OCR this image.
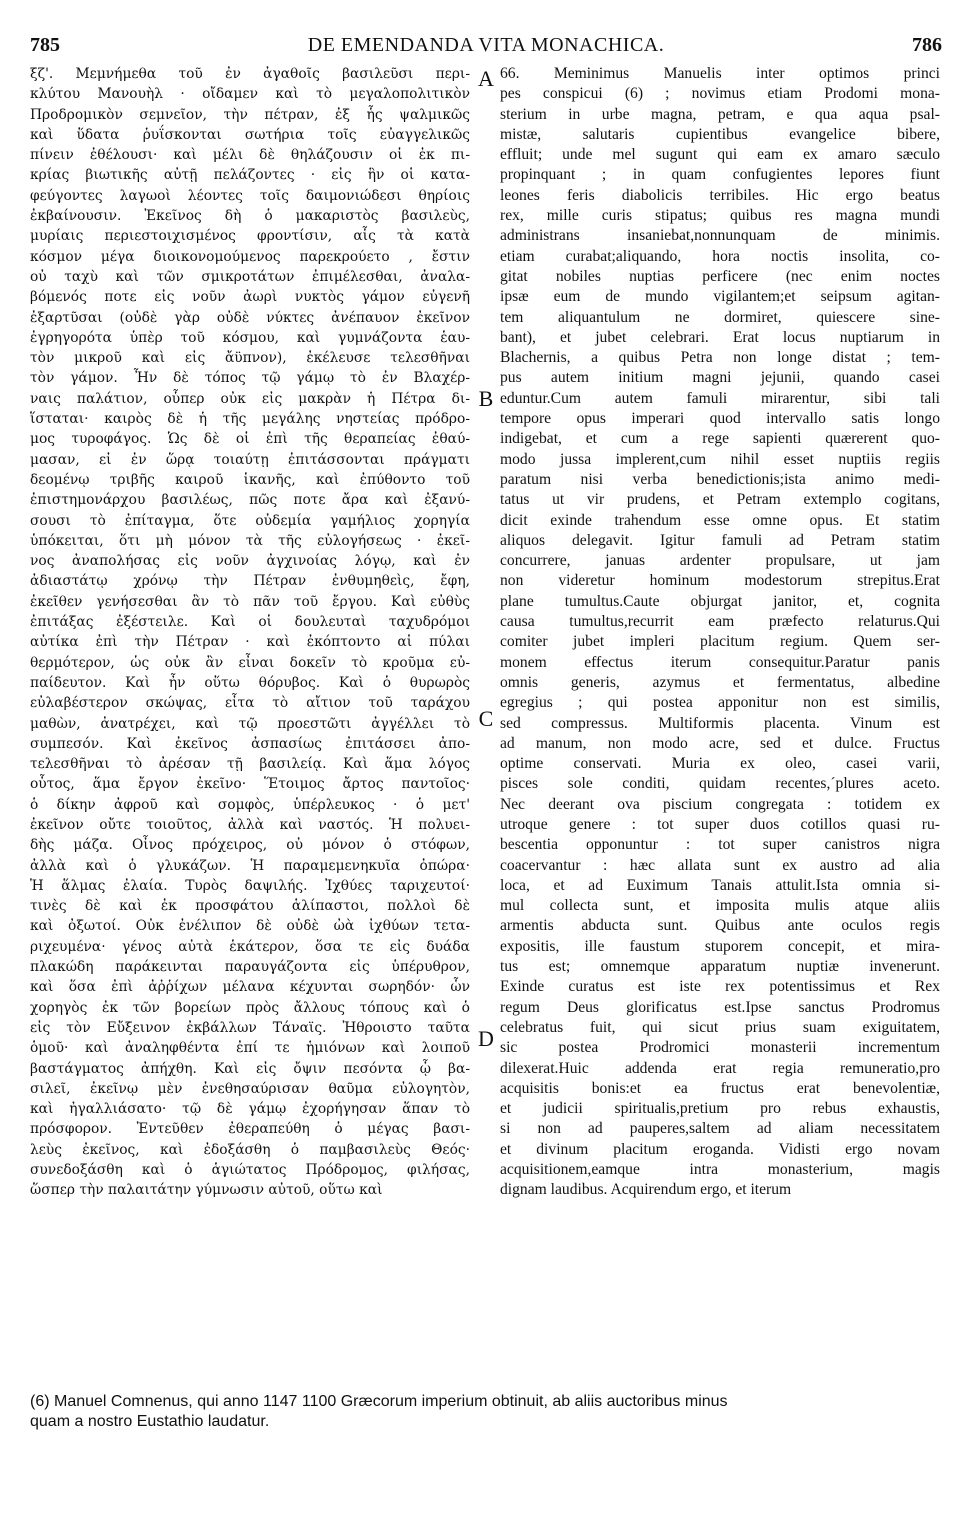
785	DE EMENDANDA VITA MONACHICA.	786
ξζ'. Μεμνήμεθα τοῦ ἐν ἀγαθοῖς βασιλεῦσι περι-
κλύτου Μανουὴλ · οἴδαμεν καὶ τὸ μεγαλοπολιτικὸν
Προδρομικὸν σεμνεῖον, τὴν πέτραν, ἐξ ἧς ψαλμικῶς
καὶ ὕδατα ῥυΐσκονται σωτήρια τοῖς εὐαγγελικῶς
πίνειν ἐθέλουσι· καὶ μέλι δὲ θηλάζουσιν οἱ ἐκ πι-
κρίας βιωτικῆς αὐτῇ πελάζοντες · εἰς ἣν οἱ κατα-
φεύγοντες λαγωοὶ λέοντες τοῖς δαιμονιώδεσι θηρίοις
ἐκβαίνουσιν. Ἐκεῖνος δὴ ὁ μακαριστὸς βασιλεὺς,
μυρίαις περιεστοιχισμένος φροντίσιν, αἷς τὰ κατὰ
κόσμον μέγα διοικονομούμενος παρεκρούετο , ἔστιν
οὐ ταχὺ καὶ τῶν σμικροτάτων ἐπιμέλεσθαι, ἀναλα-
βόμενός ποτε εἰς νοῦν ἀωρὶ νυκτὸς γάμον εὐγενῆ
ἐξαρτῦσαι (οὐδὲ γὰρ οὐδὲ νύκτες ἀνέπαυον ἐκεῖνον
ἐγρηγορότα ὑπὲρ τοῦ κόσμου, καὶ γυμνάζοντα ἑαυ-
τὸν μικροῦ καὶ εἰς ἄϋπνον), ἐκέλευσε τελεσθῆναι
τὸν γάμον. Ἦν δὲ τόπος τῷ γάμῳ τὸ ἐν Βλαχέρ-
ναις παλάτιον, οὗπερ οὐκ εἰς μακρὰν ἡ Πέτρα δι-
ἵσταται· καιρὸς δὲ ἡ τῆς μεγάλης νηστείας πρόδρο-
μος τυροφάγος. Ὡς δὲ οἱ ἐπὶ τῆς θεραπείας ἐθαύ-
μασαν, εἰ ἐν ὥρᾳ τοιαύτῃ ἐπιτάσσονται πράγματι
δεομένῳ τριβῆς καιροῦ ἱκανῆς, καὶ ἐπύθοντο τοῦ
ἐπιστημονάρχου βασιλέως, πῶς ποτε ἄρα καὶ ἐξανύ-
σουσι τὸ ἐπίταγμα, ὅτε οὐδεμία γαμήλιος χορηγία
ὑπόκειται, ὅτι μὴ μόνον τὰ τῆς εὐλογήσεως · ἐκεῖ-
νος ἀναπολήσας εἰς νοῦν ἀγχινοίας λόγῳ, καὶ ἐν
ἀδιαστάτῳ χρόνῳ τὴν Πέτραν ἐνθυμηθεὶς, ἔφη,
ἐκεῖθεν γενήσεσθαι ἂν τὸ πᾶν τοῦ ἔργου. Καὶ εὐθὺς
ἐπιτάξας ἐξέστειλε. Καὶ οἱ δουλευταὶ ταχυδρόμοι
αὐτίκα ἐπὶ τὴν Πέτραν · καὶ ἐκόπτοντο αἱ πύλαι
θερμότερον, ὡς οὐκ ἂν εἶναι δοκεῖν τὸ κροῦμα εὐ-
παίδευτον. Καὶ ἦν οὕτω θόρυβος. Καὶ ὁ θυρωρὸς
εὐλαβέστερον σκώψας, εἶτα τὸ αἴτιον τοῦ ταράχου
μαθὼν, ἀνατρέχει, καὶ τῷ προεστῶτι ἀγγέλλει τὸ
συμπεσόν. Καὶ ἐκεῖνος ἀσπασίως ἐπιτάσσει ἀπο-
τελεσθῆναι τὸ ἀρέσαν τῇ βασιλείᾳ. Καὶ ἅμα λόγος
οὗτος, ἅμα ἔργον ἐκεῖνο· Ἕτοιμος ἄρτος παντοῖος·
ὁ δίκην ἀφροῦ καὶ σομφὸς, ὑπέρλευκος · ὁ μετ'
ἐκεῖνον οὔτε τοιοῦτος, ἀλλὰ καὶ ναστός. Ἡ πολυει-
δὴς μάζα. Οἶνος πρόχειρος, οὐ μόνον ὁ στόφων,
ἀλλὰ καὶ ὁ γλυκάζων. Ἡ παραμεμενηκυῖα ὀπώρα·
Ἡ ἅλμας ἐλαία. Τυρὸς δαψιλής. Ἰχθύες ταριχευτοί·
τινὲς δὲ καὶ ἐκ προσφάτου ἁλίπαστοι, πολλοὶ δὲ
καὶ ὀξωτοί. Οὐκ ἐνέλιπον δὲ οὐδὲ ὠὰ ἰχθύων τετα-
ριχευμένα· γένος αὐτὰ ἑκάτερον, ὅσα τε εἰς δυάδα
πλακώδη παράκεινται παραυγάζοντα εἰς ὑπέρυθρον,
καὶ ὅσα ἐπὶ ἀῤῥίχων μέλανα κέχυνται σωρηδόν· ὧν
χορηγὸς ἐκ τῶν βορείων πρὸς ἄλλους τόπους καὶ ὁ
εἰς τὸν Εὔξεινον ἐκβάλλων Τάναϊς. Ἠθροιστο ταῦτα
ὁμοῦ· καὶ ἀναληφθέντα ἐπί τε ἡμιόνων καὶ λοιποῦ
βαστάγματος ἀπήχθη. Καὶ εἰς ὄψιν πεσόντα ᾧ βα-
σιλεῖ, ἐκεῖνῳ μὲν ἐνεθησαύρισαν θαῦμα εὐλογητὸν,
καὶ ἠγαλλιάσατο· τῷ δὲ γάμῳ ἐχορήγησαν ἅπαν τὸ
πρόσφορον. Ἐντεῦθεν ἐθεραπεύθη ὁ μέγας βασι-
λεὺς ἐκεῖνος, καὶ ἐδοξάσθη ὁ παμβασιλεὺς Θεός·
συνεδοξάσθη καὶ ὁ ἁγιώτατος Πρόδρομος, φιλήσας,
ὥσπερ τὴν παλαιτάτην γύμνωσιν αὐτοῦ, οὕτω καὶ
A
B
C
D
66. Meminimus Manuelis inter optimos princi
pes conspicui (6) ; novimus etiam Prodomi mona-
sterium in urbe magna, petram, e qua aqua psal-
mistæ, salutaris cupientibus evangelice bibere,
effluit; unde mel sugunt qui eam ex amaro sæculo
propinquant ; in quam confugientes lepores fiunt
leones feris diabolicis terribiles. Hic ergo beatus
rex, mille curis stipatus; quibus res magna mundi
administrans insaniebat,nonnunquam de minimis.
etiam curabat;aliquando, hora noctis insolita, co-
gitat nobiles nuptias perficere (nec enim noctes
ipsæ eum de mundo vigilantem;et seipsum agitan-
tem aliquantulum ne dormiret, quiescere sine-
bant), et jubet celebrari. Erat locus nuptiarum in
Blachernis, a quibus Petra non longe distat ; tem-
pus autem initium magni jejunii, quando casei
eduntur.Cum autem famuli mirarentur, sibi tali
tempore opus imperari quod intervallo satis longo
indigebat, et cum a rege sapienti quærerent quo-
modo jussa implerent,cum nihil esset nuptiis regiis
paratum nisi verba benedictionis;ista animo medi-
tatus ut vir prudens, et Petram extemplo cogitans,
dicit exinde trahendum esse omne opus. Et statim
aliquos delegavit. Igitur famuli ad Petram statim
concurrere, januas ardenter propulsare, ut jam
non videretur hominum modestorum strepitus.Erat
plane tumultus.Caute objurgat janitor, et, cognita
causa tumultus,recurrit eam præfecto relaturus.Qui
comiter jubet impleri placitum regium. Quem ser-
monem effectus iterum consequitur.Paratur panis
omnis generis, azymus et fermentatus, albedine
egregius ; qui postea apponitur non est similis,
sed compressus. Multiformis placenta. Vinum est
ad manum, non modo acre, sed et dulce. Fructus
optime conservati. Muria ex oleo, casei varii,
pisces sole conditi, quidam recentes,´plures aceto.
Nec deerant ova piscium congregata : totidem ex
utroque genere : tot super duos cotillos quasi ru-
bescentia opponuntur : tot super canistros nigra
coacervantur : hæc allata sunt ex austro ad alia
loca, et ad Euximum Tanais attulit.Ista omnia si-
mul collecta sunt, et imposita mulis atque aliis
armentis abducta sunt. Quibus ante oculos regis
expositis, ille faustum stuporem concepit, et mira-
tus est; omnemque apparatum nuptiæ invenerunt.
Exinde curatus est iste rex potentissimus et Rex
regum Deus glorificatus est.Ipse sanctus Prodromus
celebratus fuit, qui sicut prius suam exiguitatem,
sic postea Prodromici monasterii incrementum
dilexerat.Huic addenda erat regia remuneratio,pro
acquisitis bonis:et ea fructus erat benevolentiæ,
et judicii spiritualis,pretium pro rebus exhaustis,
si non ad pauperes,saltem ad aliam necessitatem
et divinum placitum eroganda. Vidisti ergo novam
acquisitionem,eamque intra monasterium, magis
dignam laudibus. Acquirendum ergo, et iterum
(6) Manuel Comnenus, qui anno 1147 1100 Græcorum imperium obtinuit, ab aliis auctoribus minus
quam a nostro Eustathio laudatur.
